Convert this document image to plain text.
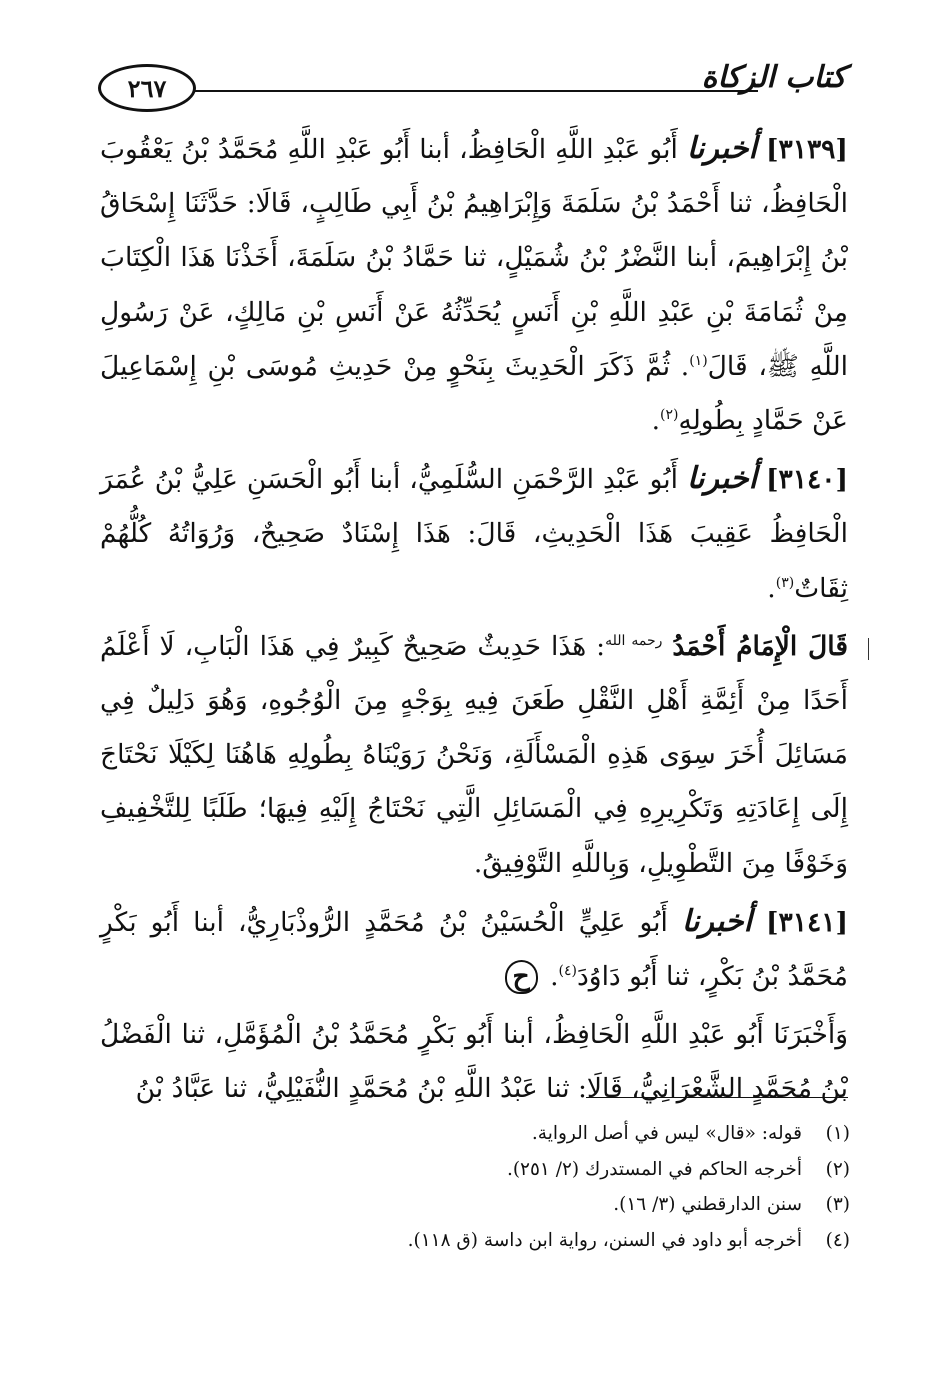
٢٦٧	كتاب الزكاة

[٣١٣٩] أخبرنا أَبُو عَبْدِ اللَّهِ الْحَافِظُ، أبنا أَبُو عَبْدِ اللَّهِ مُحَمَّدُ بْنُ يَعْقُوبَ الْحَافِظُ، ثنا أَحْمَدُ بْنُ سَلَمَةَ وَإِبْرَاهِيمُ بْنُ أَبِي طَالِبٍ، قَالَا: حَدَّثَنَا إِسْحَاقُ بْنُ إِبْرَاهِيمَ، أبنا النَّضْرُ بْنُ شُمَيْلٍ، ثنا حَمَّادُ بْنُ سَلَمَةَ، أَخَذْنَا هَذَا الْكِتَابَ مِنْ ثُمَامَةَ بْنِ عَبْدِ اللَّهِ بْنِ أَنَسٍ يُحَدِّثُهُ عَنْ أَنَسِ بْنِ مَالِكٍ، عَنْ رَسُولِ اللَّهِ ﷺ، قَالَ$^{(١)}$. ثُمَّ ذَكَرَ الْحَدِيثَ بِنَحْوٍ مِنْ حَدِيثِ مُوسَى بْنِ إِسْمَاعِيلَ عَنْ حَمَّادٍ بِطُولِهِ$^{(٢)}$.

[٣١٤٠] أخبرنا أَبُو عَبْدِ الرَّحْمَنِ السُّلَمِيُّ، أبنا أَبُو الْحَسَنِ عَلِيُّ بْنُ عُمَرَ الْحَافِظُ عَقِيبَ هَذَا الْحَدِيثِ، قَالَ: هَذَا إِسْنَادٌ صَحِيحٌ، وَرُوَاتُهُ كُلُّهُمْ ثِقَاتٌ$^{(٣)}$.

قَالَ الْإِمَامُ أَحْمَدُ $^{رحمه الله}$: هَذَا حَدِيثٌ صَحِيحٌ كَبِيرٌ فِي هَذَا الْبَابِ، لَا أَعْلَمُ أَحَدًا مِنْ أَئِمَّةِ أَهْلِ النَّقْلِ طَعَنَ فِيهِ بِوَجْهٍ مِنَ الْوُجُوهِ، وَهُوَ دَلِيلٌ فِي مَسَائِلَ أُخَرَ سِوَى هَذِهِ الْمَسْأَلَةِ، وَنَحْنُ رَوَيْنَاهُ بِطُولِهِ هَاهُنَا لِكَيْلَا نَحْتَاجَ إِلَى إِعَادَتِهِ وَتَكْرِيرِهِ فِي الْمَسَائِلِ الَّتِي نَحْتَاجُ إِلَيْهِ فِيهَا؛ طَلَبًا لِلتَّخْفِيفِ وَخَوْفًا مِنَ التَّطْوِيلِ، وَبِاللَّهِ التَّوْفِيقُ.

[٣١٤١] أخبرنا أَبُو عَلِيٍّ الْحُسَيْنُ بْنُ مُحَمَّدٍ الرُّوذْبَارِيُّ، أبنا أَبُو بَكْرٍ مُحَمَّدُ بْنُ بَكْرٍ، ثنا أَبُو دَاوُدَ$^{(٤)}$. ح

وَأَخْبَرَنَا أَبُو عَبْدِ اللَّهِ الْحَافِظُ، أبنا أَبُو بَكْرٍ مُحَمَّدُ بْنُ الْمُؤَمَّلِ، ثنا الْفَضْلُ بْنُ مُحَمَّدٍ الشَّعْرَانِيُّ، قَالَا: ثنا عَبْدُ اللَّهِ بْنُ مُحَمَّدٍ النُّفَيْلِيُّ، ثنا عَبَّادُ بْنُ

(١)قوله: «قال» ليس في أصل الرواية.
(٢)أخرجه الحاكم في المستدرك (٢/ ٢٥١).
(٣)سنن الدارقطني (٣/ ١٦).
(٤)أخرجه أبو داود في السنن، رواية ابن داسة (ق ١١٨).
